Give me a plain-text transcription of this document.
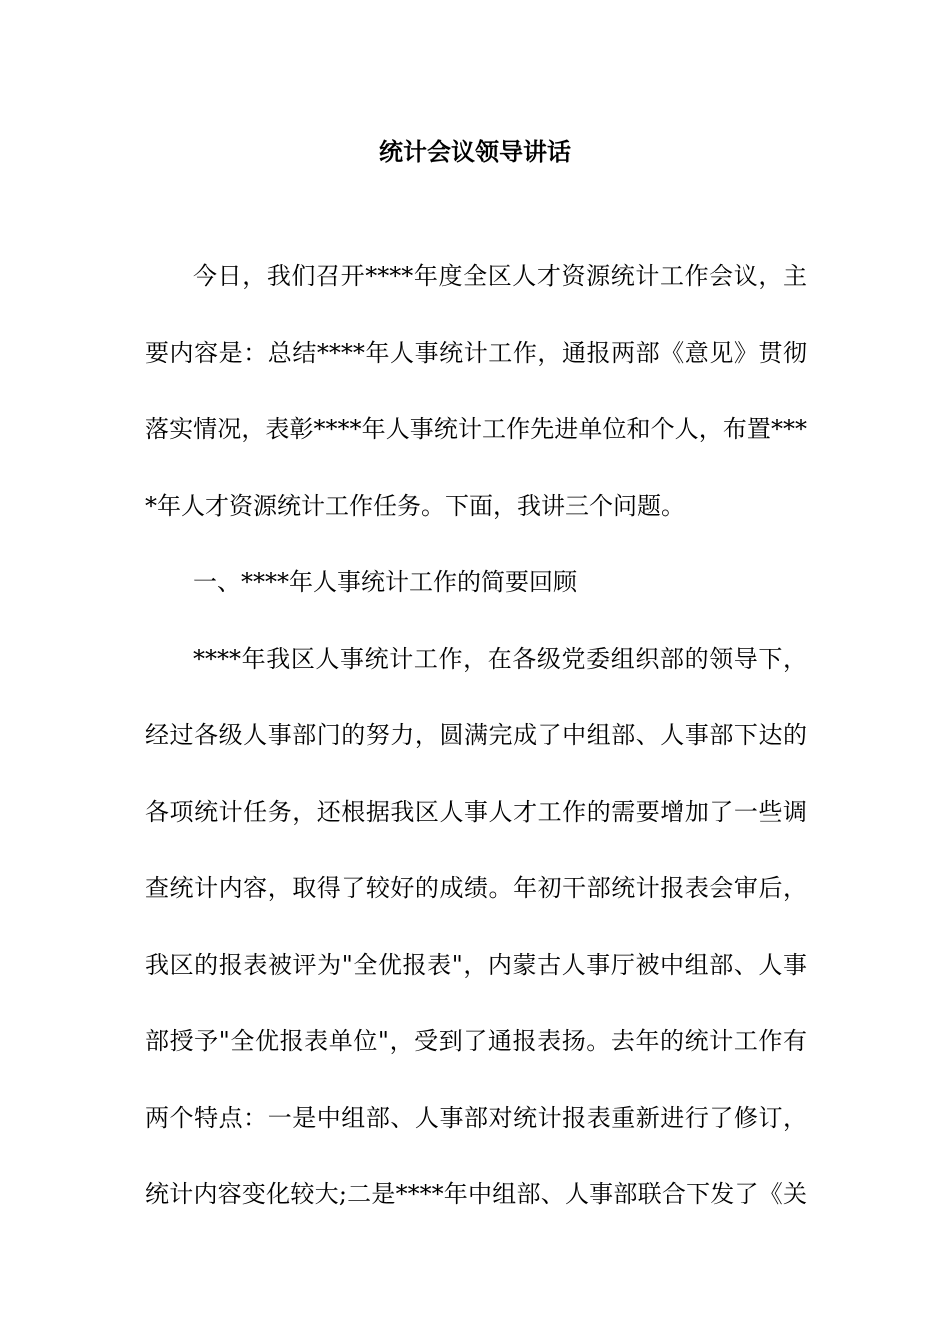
统计会议领导讲话
今日，我们召开****年度全区人才资源统计工作会议，主
要内容是：总结****年人事统计工作，通报两部《意见》贯彻
落实情况，表彰****年人事统计工作先进单位和个人，布置***
*年人才资源统计工作任务。下面，我讲三个问题。
一、****年人事统计工作的简要回顾
****年我区人事统计工作，在各级党委组织部的领导下，
经过各级人事部门的努力，圆满完成了中组部、人事部下达的
各项统计任务，还根据我区人事人才工作的需要增加了一些调
查统计内容，取得了较好的成绩。年初干部统计报表会审后，
我区的报表被评为"全优报表"，内蒙古人事厅被中组部、人事
部授予"全优报表单位"，受到了通报表扬。去年的统计工作有
两个特点：一是中组部、人事部对统计报表重新进行了修订，
统计内容变化较大;二是****年中组部、人事部联合下发了《关
